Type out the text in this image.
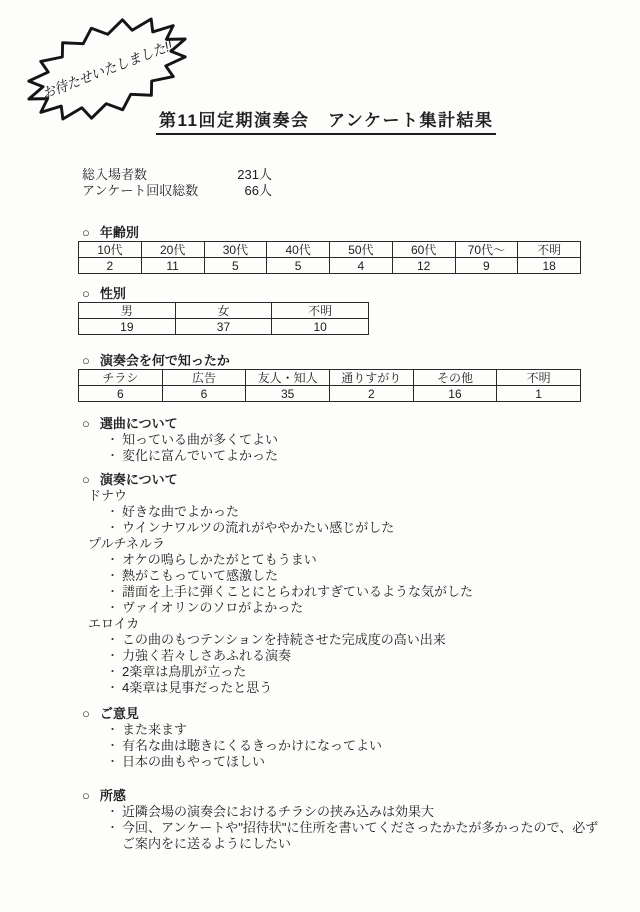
お待たせいたしました!!
第11回定期演奏会　アンケート集計結果
総入場者数	231人
アンケート回収総数	66人
○ 年齢別
10代	20代	30代	40代	50代	60代	70代～	不明
2	11	5	5	4	12	9	18
○ 性別
男	女	不明
19	37	10
○ 演奏会を何で知ったか
チラシ	広告	友人・知人	通りすがり	その他	不明
6	6	35	2	16	1
○ 選曲について
・ 知っている曲が多くてよい
・ 変化に富んでいてよかった
○ 演奏について
ドナウ
・ 好きな曲でよかった
・ ウインナワルツの流れがややかたい感じがした
プルチネルラ
・ オケの鳴らしかたがとてもうまい
・ 熱がこもっていて感激した
・ 譜面を上手に弾くことにとらわれすぎているような気がした
・ ヴァイオリンのソロがよかった
エロイカ
・ この曲のもつテンションを持続させた完成度の高い出来
・ 力強く若々しさあふれる演奏
・ 2楽章は鳥肌が立った
・ 4楽章は見事だったと思う
○ ご意見
・ また来ます
・ 有名な曲は聴きにくるきっかけになってよい
・ 日本の曲もやってほしい
○ 所感
・ 近隣会場の演奏会におけるチラシの挟み込みは効果大
・ 今回、アンケートや"招待状"に住所を書いてくださったかたが多かったので、必ずご案内をに送るようにしたい
